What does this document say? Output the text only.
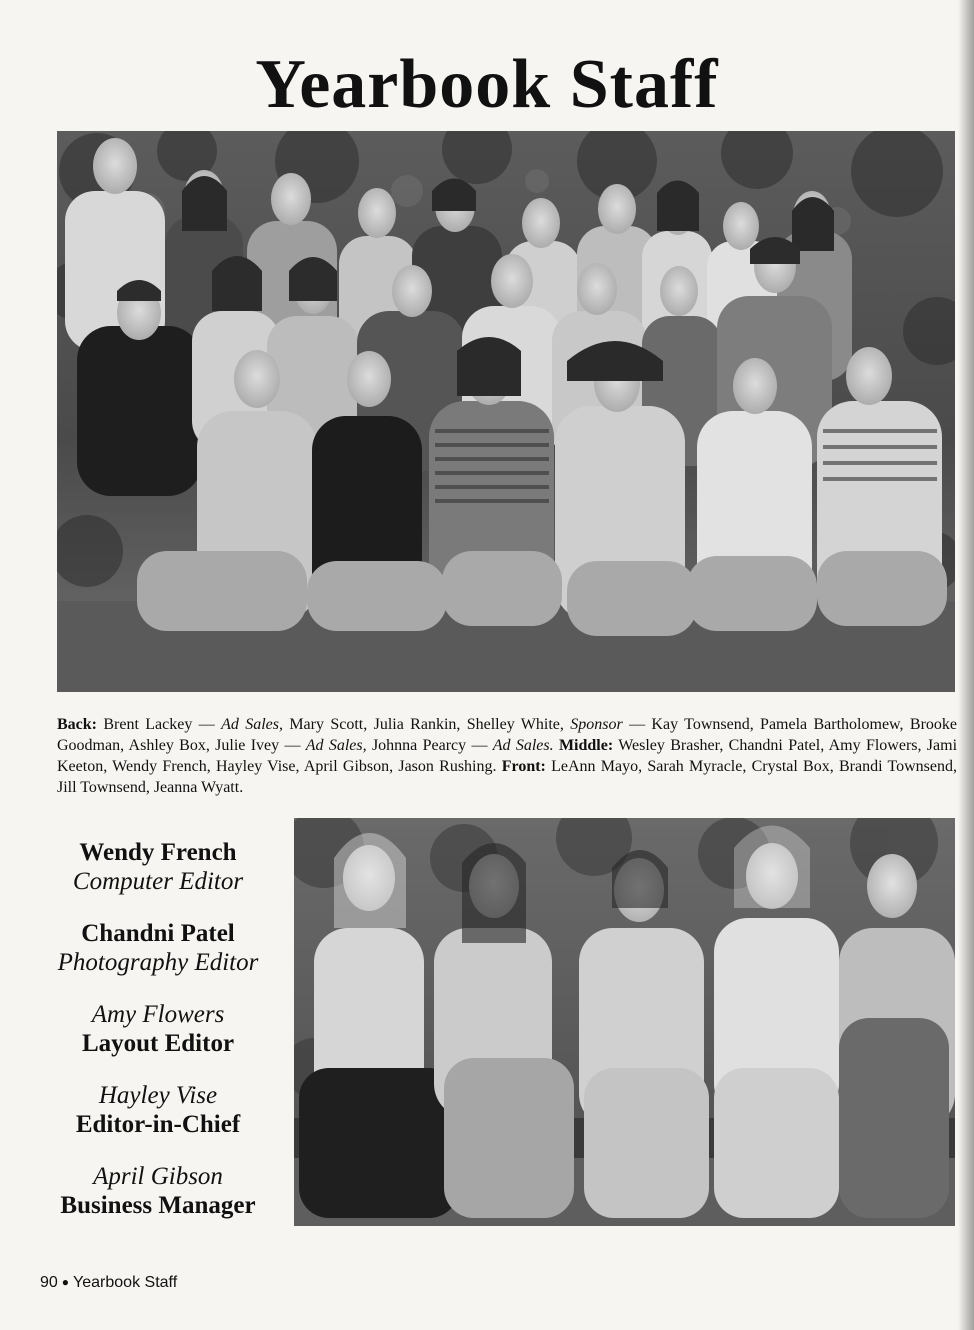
Yearbook Staff
Back: Brent Lackey — Ad Sales, Mary Scott, Julia Rankin, Shelley White, Sponsor — Kay Townsend, Pamela Bartholomew, Brooke Goodman, Ashley Box, Julie Ivey — Ad Sales, Johnna Pearcy — Ad Sales. Middle: Wesley Brasher, Chandni Patel, Amy Flowers, Jami Keeton, Wendy French, Hayley Vise, April Gibson, Jason Rushing. Front: LeAnn Mayo, Sarah Myracle, Crystal Box, Brandi Townsend, Jill Townsend, Jeanna Wyatt.
Wendy French
Computer Editor
Chandni Patel
Photography Editor
Amy Flowers
Layout Editor
Hayley Vise
Editor-in-Chief
April Gibson
Business Manager
90 ● Yearbook Staff
